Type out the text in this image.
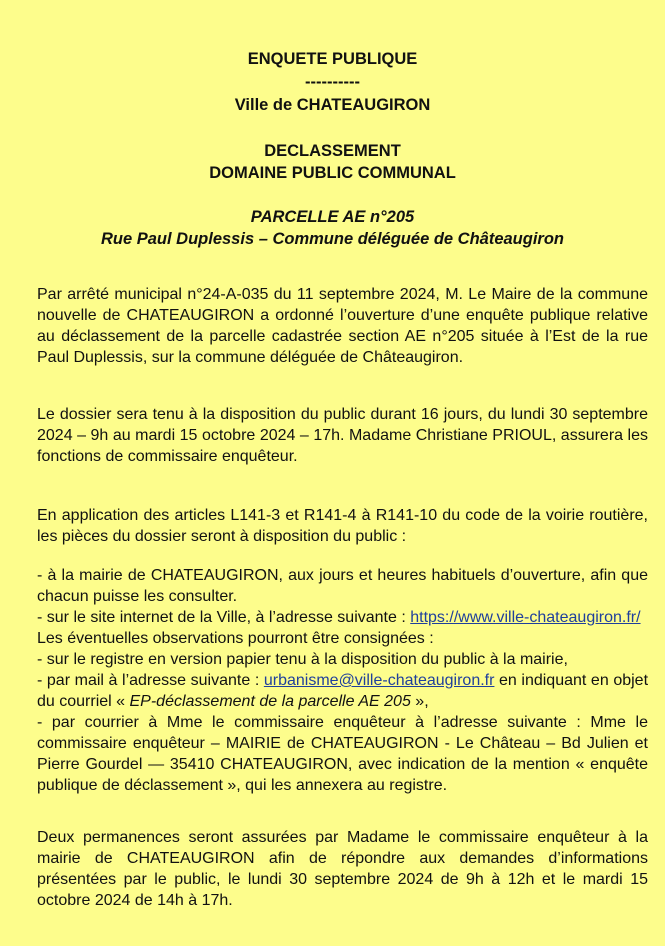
ENQUETE PUBLIQUE
----------
Ville de CHATEAUGIRON
DECLASSEMENT
DOMAINE PUBLIC COMMUNAL
PARCELLE AE n°205
Rue Paul Duplessis – Commune déléguée de Châteaugiron

Par arrêté municipal n°24-A-035 du 11 septembre 2024, M. Le Maire de la commune nouvelle de CHATEAUGIRON a ordonné l’ouverture d’une enquête publique relative au déclassement de la parcelle cadastrée section AE n°205 située à l’Est de la rue Paul Duplessis, sur la commune déléguée de Châteaugiron.

Le dossier sera tenu à la disposition du public durant 16 jours, du lundi 30 septembre 2024 – 9h au mardi 15 octobre 2024 – 17h. Madame Christiane PRIOUL, assurera les fonctions de commissaire enquêteur.

En application des articles L141-3 et R141-4 à R141-10 du code de la voirie routière, les pièces du dossier seront à disposition du public :

- à la mairie de CHATEAUGIRON, aux jours et heures habituels d’ouverture, afin que chacun puisse les consulter.
- sur le site internet de la Ville, à l’adresse suivante : https://www.ville-chateaugiron.fr/
Les éventuelles observations pourront être consignées :
- sur le registre en version papier tenu à la disposition du public à la mairie,
- par mail à l’adresse suivante : urbanisme@ville-chateaugiron.fr en indiquant en objet du courriel « EP-déclassement de la parcelle AE 205 »,
- par courrier à Mme le commissaire enquêteur à l’adresse suivante : Mme le commissaire enquêteur – MAIRIE de CHATEAUGIRON - Le Château – Bd Julien et Pierre Gourdel — 35410 CHATEAUGIRON, avec indication de la mention « enquête publique de déclassement », qui les annexera au registre.

Deux permanences seront assurées par Madame le commissaire enquêteur à la mairie de CHATEAUGIRON afin de répondre aux demandes d’informations présentées par le public, le lundi 30 septembre 2024 de 9h à 12h et le mardi 15 octobre 2024 de 14h à 17h.
